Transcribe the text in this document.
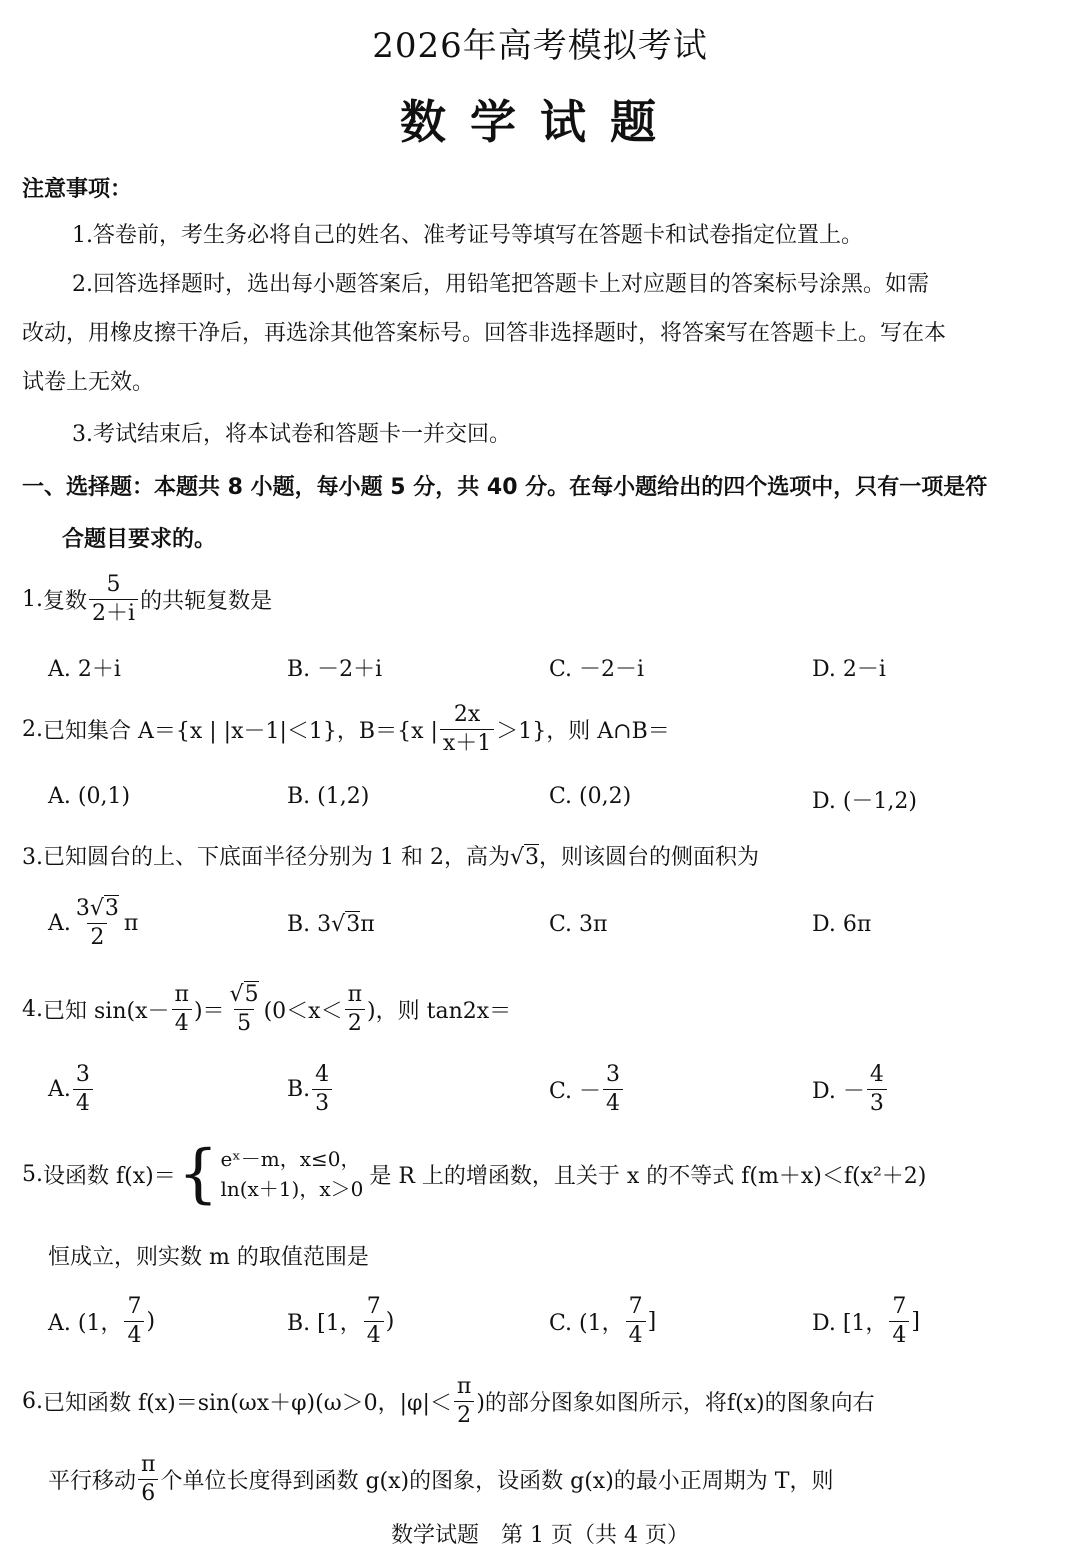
2026年高考模拟考试
数学试题
注意事项：
1.答卷前，考生务必将自己的姓名、准考证号等填写在答题卡和试卷指定位置上。
2.回答选择题时，选出每小题答案后，用铅笔把答题卡上对应题目的答案标号涂黑。如需
改动，用橡皮擦干净后，再选涂其他答案标号。回答非选择题时，将答案写在答题卡上。写在本
试卷上无效。
3.考试结束后，将本试卷和答题卡一并交回。
一、选择题：本题共 8 小题，每小题 5 分，共 40 分。在每小题给出的四个选项中，只有一项是符
合题目要求的。
1. 复数 $\frac{5}{2+i}$ 的共轭复数是
A. 2＋i	B. －2＋i	C. －2－i	D. 2－i
2. 已知集合 A＝{x | |x－1|＜1}，B＝{x | $\frac{2x}{x+1} >1$}，则 A∩B＝
A. (0,1)	B. (1,2)	C. (0,2)	D. (－1,2)
3.已知圆台的上、下底面半径分别为 1 和 2，高为√3，则该圆台的侧面积为
A. $\frac{3√3}{2}$ π	B. 3√3π	C. 3π	D. 6π
4. 已知 $\sin(x- \frac{\pi}{4}$ )＝ $\frac{√5}{5} (0<x< \frac{\pi}{2}$ )，则 tan2x＝
A. $\frac{3}{4}$	B. $\frac{4}{3}$	C. － $\frac{3}{4}$	D. － $\frac{4}{3}$
5. 设函数 f(x)＝ { eˣ－m，x≤0，
ln(x＋1)，x＞0
是 R 上的增函数，且关于 x 的不等式 f(m＋x)＜f(x²＋2)
恒成立，则实数 m 的取值范围是
A. (1， $\frac{7}{4}$ )	B. [1， $\frac{7}{4}$ )	C. (1， $\frac{7}{4}$ ]	D. [1， $\frac{7}{4}$ ]
6. 已知函数 f(x)＝sin(ωx＋φ)(ω＞0，$|\varphi|< \frac{\pi}{2}$ )的部分图象如图所示，将f(x)的图象向右
平行移动 $\frac{\pi}{6}$ 个单位长度得到函数 g(x)的图象，设函数 g(x)的最小正周期为 T，则
数学试题　第 1 页（共 4 页）
